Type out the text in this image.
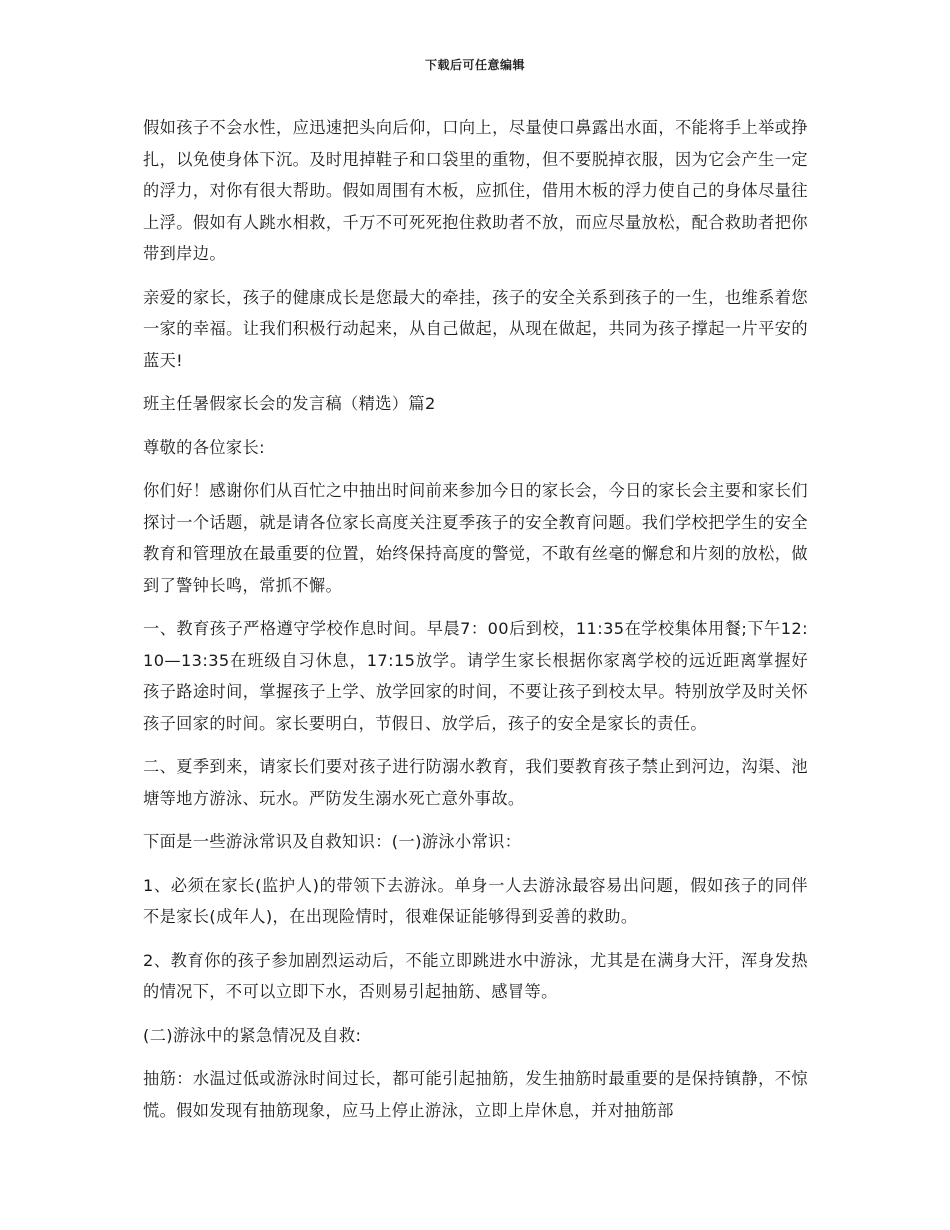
下载后可任意编辑

假如孩子不会水性，应迅速把头向后仰，口向上，尽量使口鼻露出水面，不能将手上举或挣扎，以免使身体下沉。及时甩掉鞋子和口袋里的重物，但不要脱掉衣服，因为它会产生一定的浮力，对你有很大帮助。假如周围有木板，应抓住，借用木板的浮力使自己的身体尽量往上浮。假如有人跳水相救，千万不可死死抱住救助者不放，而应尽量放松，配合救助者把你带到岸边。

亲爱的家长，孩子的健康成长是您最大的牵挂，孩子的安全关系到孩子的一生，也维系着您一家的幸福。让我们积极行动起来，从自己做起，从现在做起，共同为孩子撑起一片平安的蓝天!

班主任暑假家长会的发言稿（精选）篇2

尊敬的各位家长:

你们好！感谢你们从百忙之中抽出时间前来参加今日的家长会，今日的家长会主要和家长们探讨一个话题，就是请各位家长高度关注夏季孩子的安全教育问题。我们学校把学生的安全教育和管理放在最重要的位置，始终保持高度的警觉，不敢有丝毫的懈怠和片刻的放松，做到了警钟长鸣，常抓不懈。

一、教育孩子严格遵守学校作息时间。早晨7：00后到校，11:35在学校集体用餐;下午12:10—13:35在班级自习休息，17:15放学。请学生家长根据你家离学校的远近距离掌握好孩子路途时间，掌握孩子上学、放学回家的时间，不要让孩子到校太早。特别放学及时关怀孩子回家的时间。家长要明白，节假日、放学后，孩子的安全是家长的责任。

二、夏季到来，请家长们要对孩子进行防溺水教育，我们要教育孩子禁止到河边，沟渠、池塘等地方游泳、玩水。严防发生溺水死亡意外事故。

下面是一些游泳常识及自救知识：(一)游泳小常识：

1、必须在家长(监护人)的带领下去游泳。单身一人去游泳最容易出问题，假如孩子的同伴不是家长(成年人)，在出现险情时，很难保证能够得到妥善的救助。

2、教育你的孩子参加剧烈运动后，不能立即跳进水中游泳，尤其是在满身大汗，浑身发热的情况下，不可以立即下水，否则易引起抽筋、感冒等。

(二)游泳中的紧急情况及自救:

抽筋：水温过低或游泳时间过长，都可能引起抽筋，发生抽筋时最重要的是保持镇静，不惊慌。假如发现有抽筋现象，应马上停止游泳，立即上岸休息，并对抽筋部
